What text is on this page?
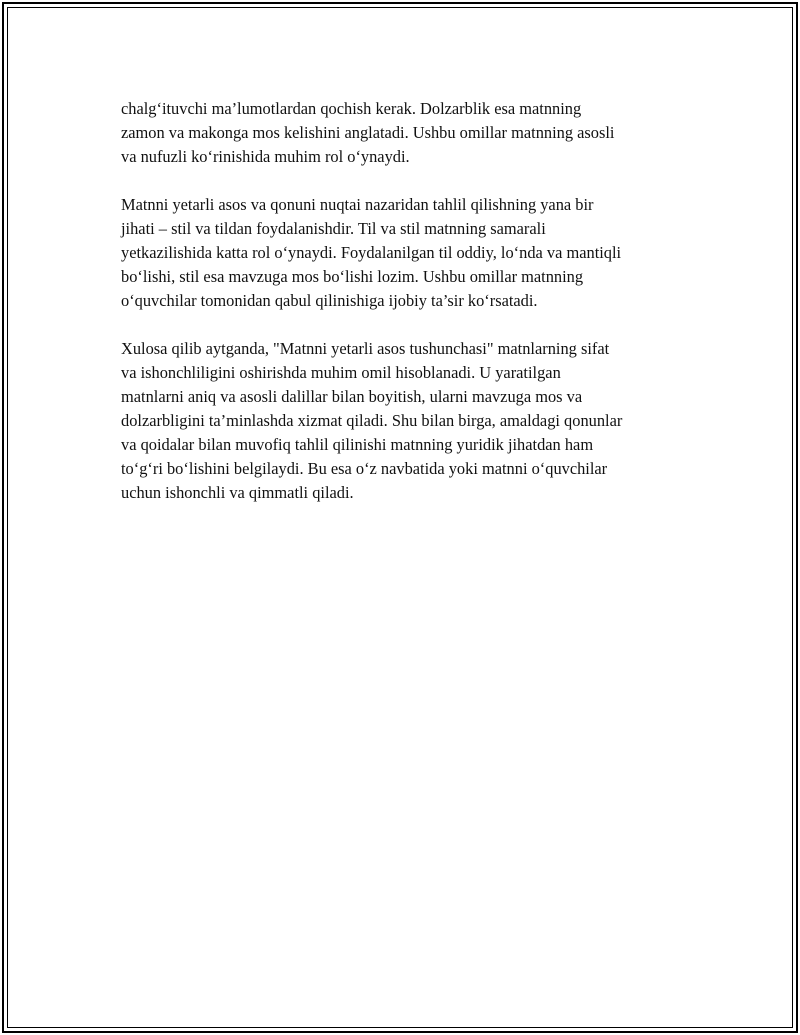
chalg‘ituvchi ma’lumotlardan qochish kerak. Dolzarblik esa matnning
zamon va makonga mos kelishini anglatadi. Ushbu omillar matnning asosli
va nufuzli ko‘rinishida muhim rol o‘ynaydi.

Matnni yetarli asos va qonuni nuqtai nazaridan tahlil qilishning yana bir
jihati – stil va tildan foydalanishdir. Til va stil matnning samarali
yetkazilishida katta rol o‘ynaydi. Foydalanilgan til oddiy, lo‘nda va mantiqli
bo‘lishi, stil esa mavzuga mos bo‘lishi lozim. Ushbu omillar matnning
o‘quvchilar tomonidan qabul qilinishiga ijobiy ta’sir ko‘rsatadi.

Xulosa qilib aytganda, "Matnni yetarli asos tushunchasi" matnlarning sifat
va ishonchliligini oshirishda muhim omil hisoblanadi. U yaratilgan
matnlarni aniq va asosli dalillar bilan boyitish, ularni mavzuga mos va
dolzarbligini ta’minlashda xizmat qiladi. Shu bilan birga, amaldagi qonunlar
va qoidalar bilan muvofiq tahlil qilinishi matnning yuridik jihatdan ham
to‘g‘ri bo‘lishini belgilaydi. Bu esa o‘z navbatida yoki matnni o‘quvchilar
uchun ishonchli va qimmatli qiladi.
